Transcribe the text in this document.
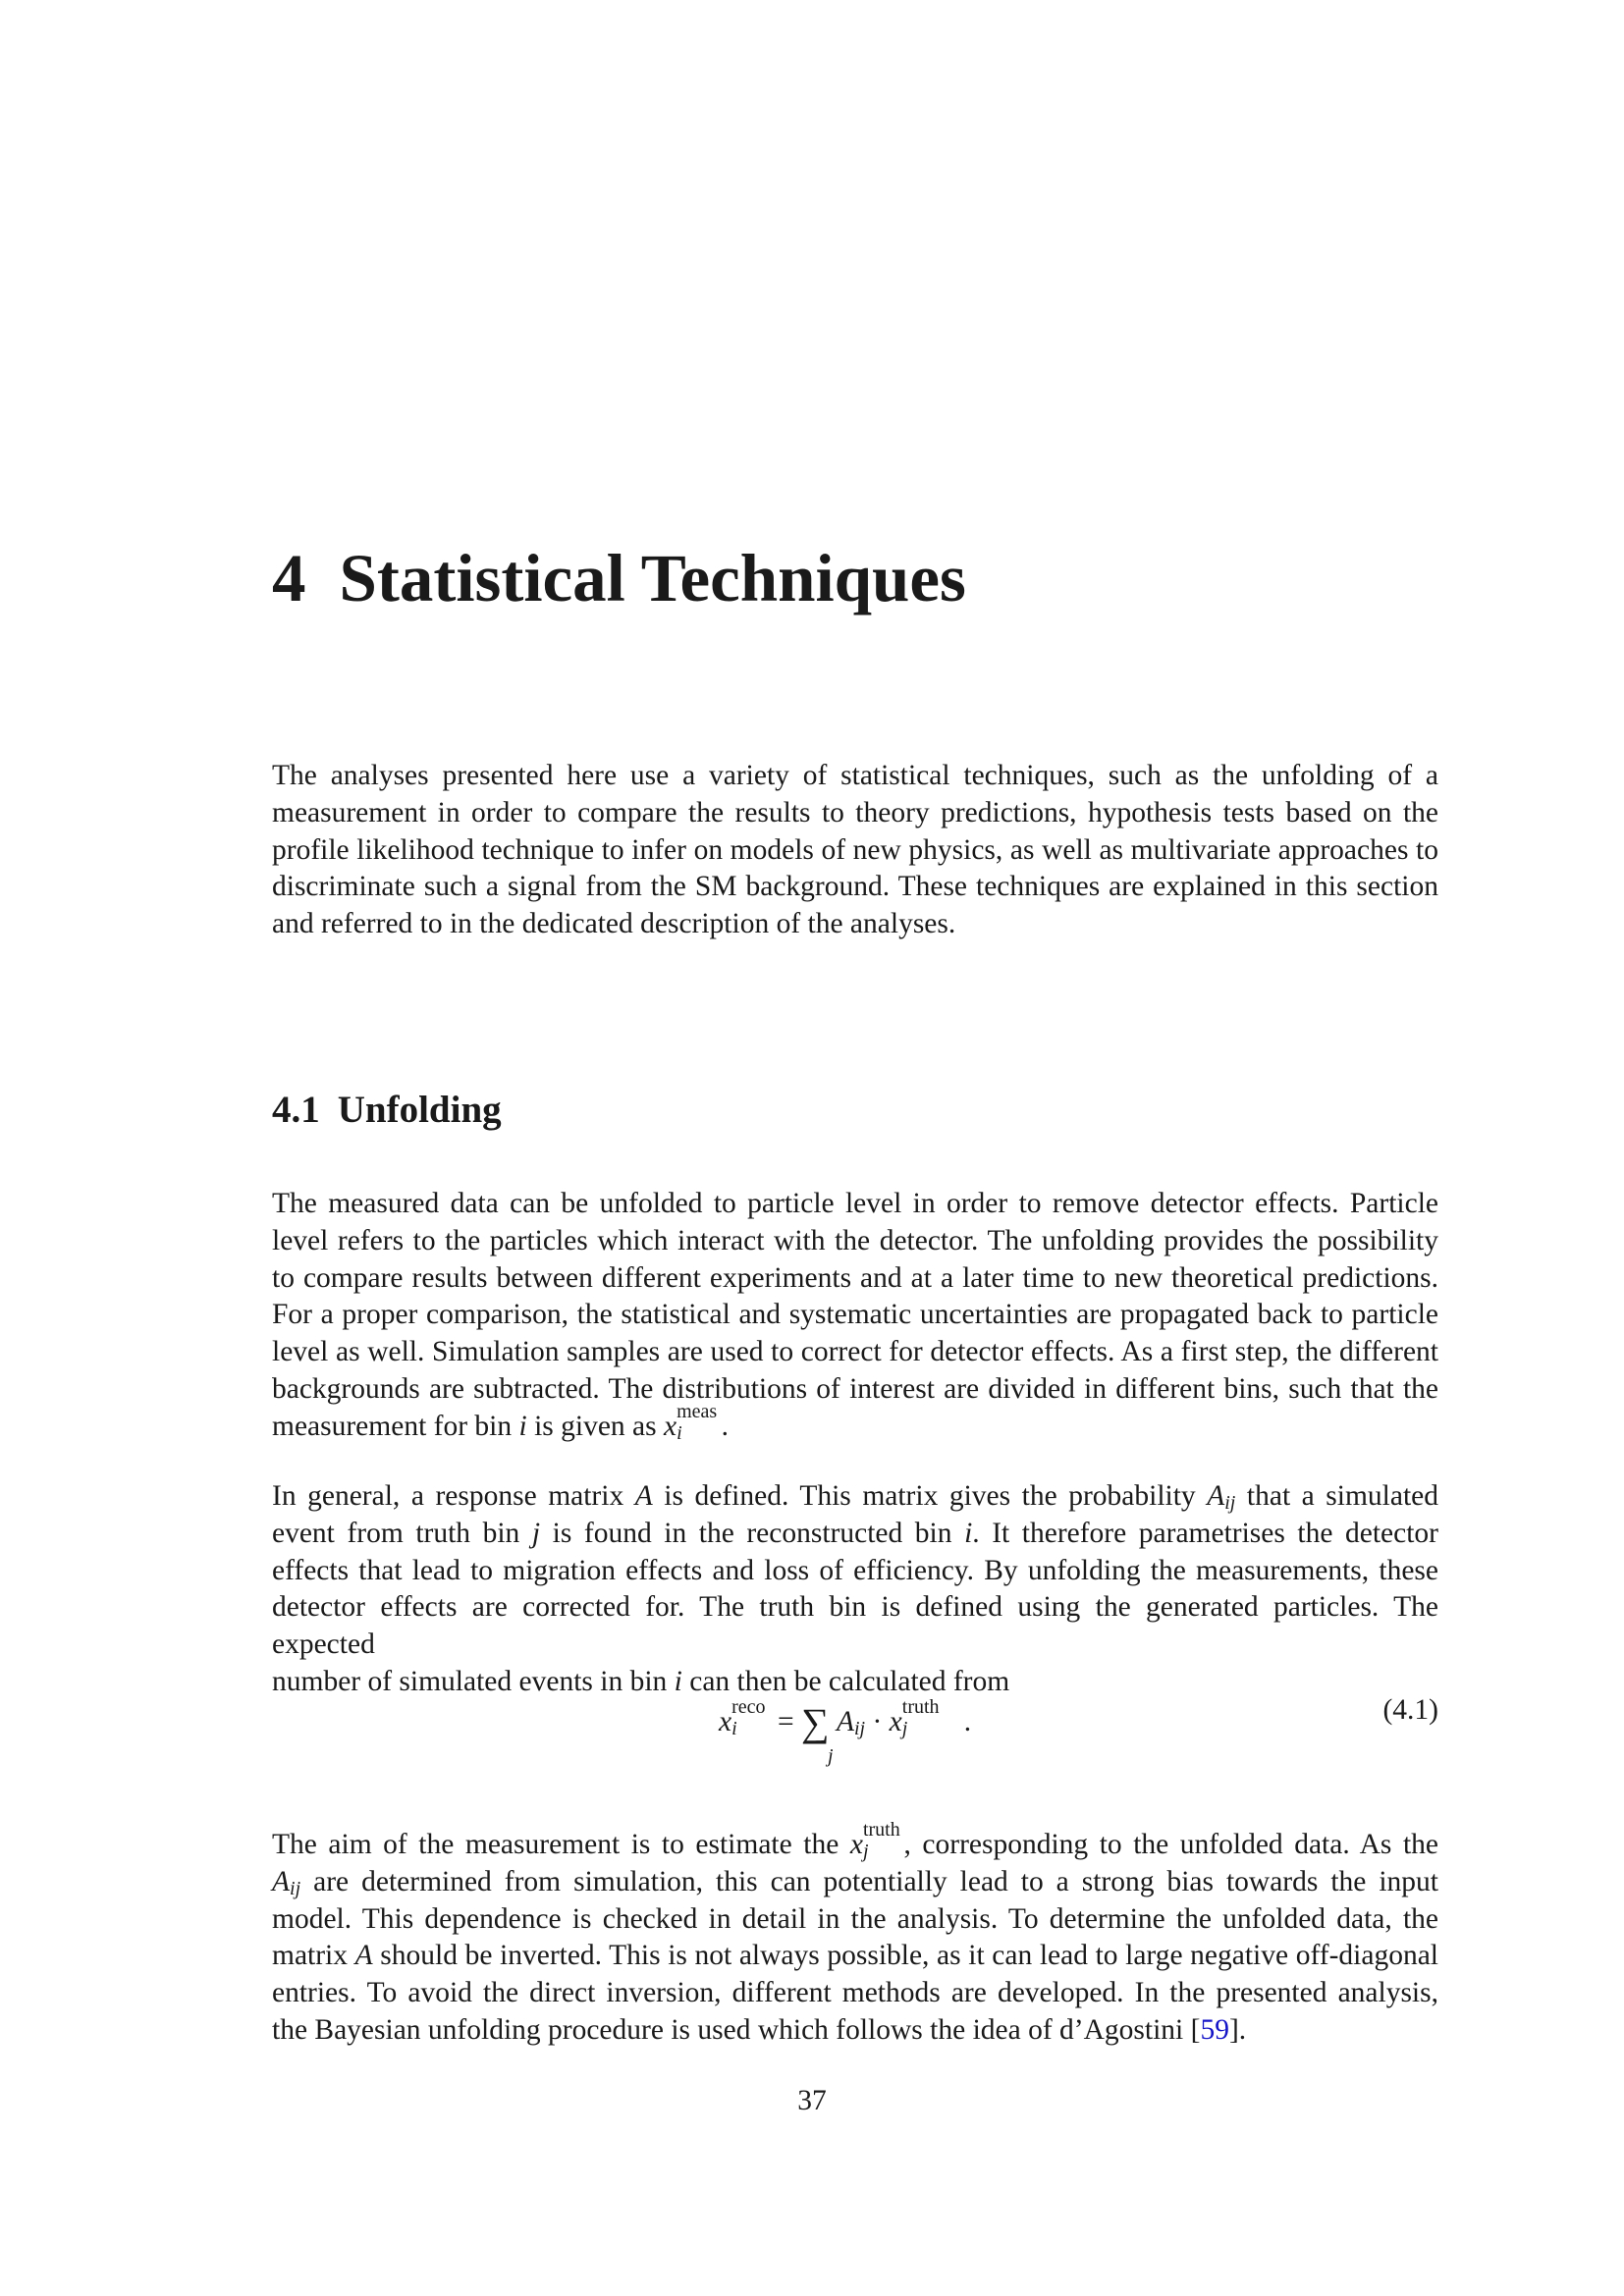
4 Statistical Techniques

The analyses presented here use a variety of statistical techniques, such as the unfolding of a
measurement in order to compare the results to theory predictions, hypothesis tests based on the
profile likelihood technique to infer on models of new physics, as well as multivariate approaches to
discriminate such a signal from the SM background. These techniques are explained in this section
and referred to in the dedicated description of the analyses.

4.1 Unfolding

The measured data can be unfolded to particle level in order to remove detector effects. Particle
level refers to the particles which interact with the detector. The unfolding provides the possibility
to compare results between different experiments and at a later time to new theoretical predictions.
For a proper comparison, the statistical and systematic uncertainties are propagated back to particle
level as well. Simulation samples are used to correct for detector effects. As a first step, the different
backgrounds are subtracted. The distributions of interest are divided in different bins, such that the
measurement for bin i is given as x meas
i .

In general, a response matrix A is defined. This matrix gives the probability Aij that a simulated
event from truth bin j is found in the reconstructed bin i. It therefore parametrises the detector
effects that lead to migration effects and loss of efficiency. By unfolding the measurements, these
detector effects are corrected for. The truth bin is defined using the generated particles. The expected
number of simulated events in bin i can then be calculated from

x reco
i = ∑ Aij · x truth
j .
j
(4.1)

The aim of the measurement is to estimate the x truth
j , corresponding to the unfolded data. As the
Aij are determined from simulation, this can potentially lead to a strong bias towards the input
model. This dependence is checked in detail in the analysis. To determine the unfolded data, the
matrix A should be inverted. This is not always possible, as it can lead to large negative off-diagonal
entries. To avoid the direct inversion, different methods are developed. In the presented analysis,
the Bayesian unfolding procedure is used which follows the idea of d’Agostini [59].

37
